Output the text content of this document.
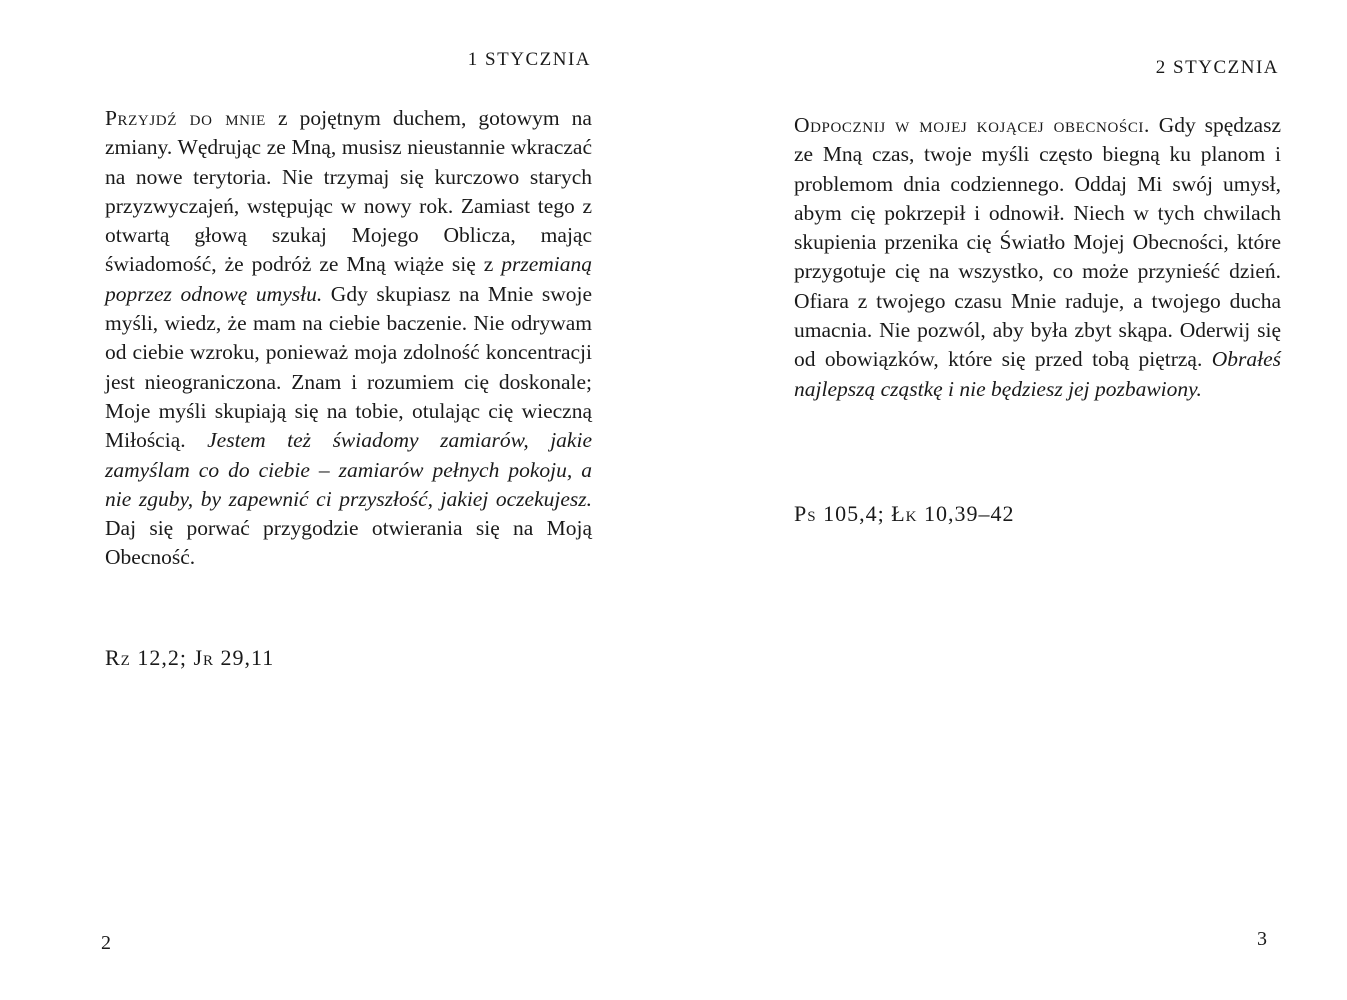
1 STYCZNIA

Przyjdź do mnie z pojętnym duchem, gotowym na zmiany. Wędrując ze Mną, musisz nieustannie wkraczać na nowe terytoria. Nie trzymaj się kurczowo starych przyzwyczajeń, wstępując w nowy rok. Zamiast tego z otwartą głową szukaj Mojego Oblicza, mając świadomość, że podróż ze Mną wiąże się z przemianą poprzez odnowę umysłu. Gdy skupiasz na Mnie swoje myśli, wiedz, że mam na ciebie baczenie. Nie odrywam od ciebie wzroku, ponieważ moja zdolność koncentracji jest nieograniczona. Znam i rozumiem cię doskonale; Moje myśli skupiają się na tobie, otulając cię wieczną Miłością. Jestem też świadomy zamiarów, jakie zamyślam co do ciebie – zamiarów pełnych pokoju, a nie zguby, by zapewnić ci przyszłość, jakiej oczekujesz. Daj się porwać przygodzie otwierania się na Moją Obecność.

Rz 12,2; Jr 29,11
2
2 STYCZNIA

Odpocznij w mojej kojącej obecności. Gdy spędzasz ze Mną czas, twoje myśli często biegną ku planom i problemom dnia codziennego. Oddaj Mi swój umysł, abym cię pokrzepił i odnowił. Niech w tych chwilach skupienia przenika cię Światło Mojej Obecności, które przygotuje cię na wszystko, co może przynieść dzień. Ofiara z twojego czasu Mnie raduje, a twojego ducha umacnia. Nie pozwól, aby była zbyt skąpa. Oderwij się od obowiązków, które się przed tobą piętrzą. Obrałeś najlepszą cząstkę i nie będziesz jej pozbawiony.

Ps 105,4; Łk 10,39–42
3
